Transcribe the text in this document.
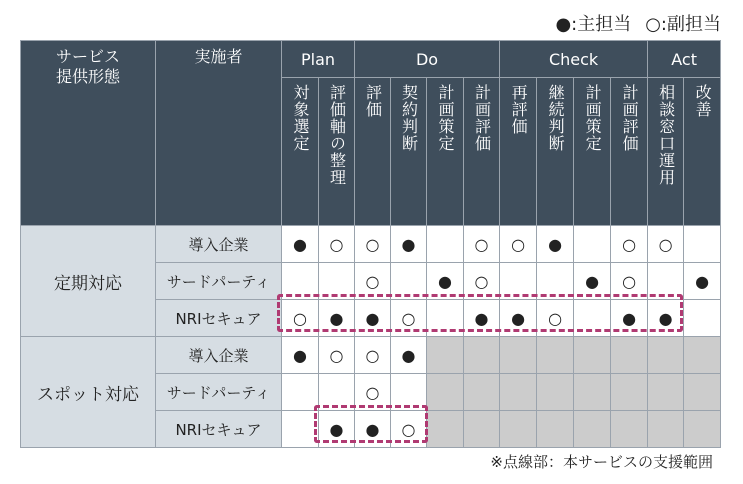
●:主担当 ○:副担当
サービス
提供形態	実施者	Plan		Do				Check				Act	
		対象選定	評価軸の整理	評価	契約判断	計画策定	計画評価	再評価	継続判断	計画策定	計画評価	相談窓口運用	改善
定期対応	導入企業	●	○	○	●		○	○	●		○	○	
	サードパーティ			○		●	○			●	○		●
	NRIセキュア	○	●	●	○		●	●	○		●	●	
スポット対応	導入企業	●	○	○	●								
	サードパーティ			○									
	NRIセキュア		●	●	○								
※点線部：本サービスの支援範囲
